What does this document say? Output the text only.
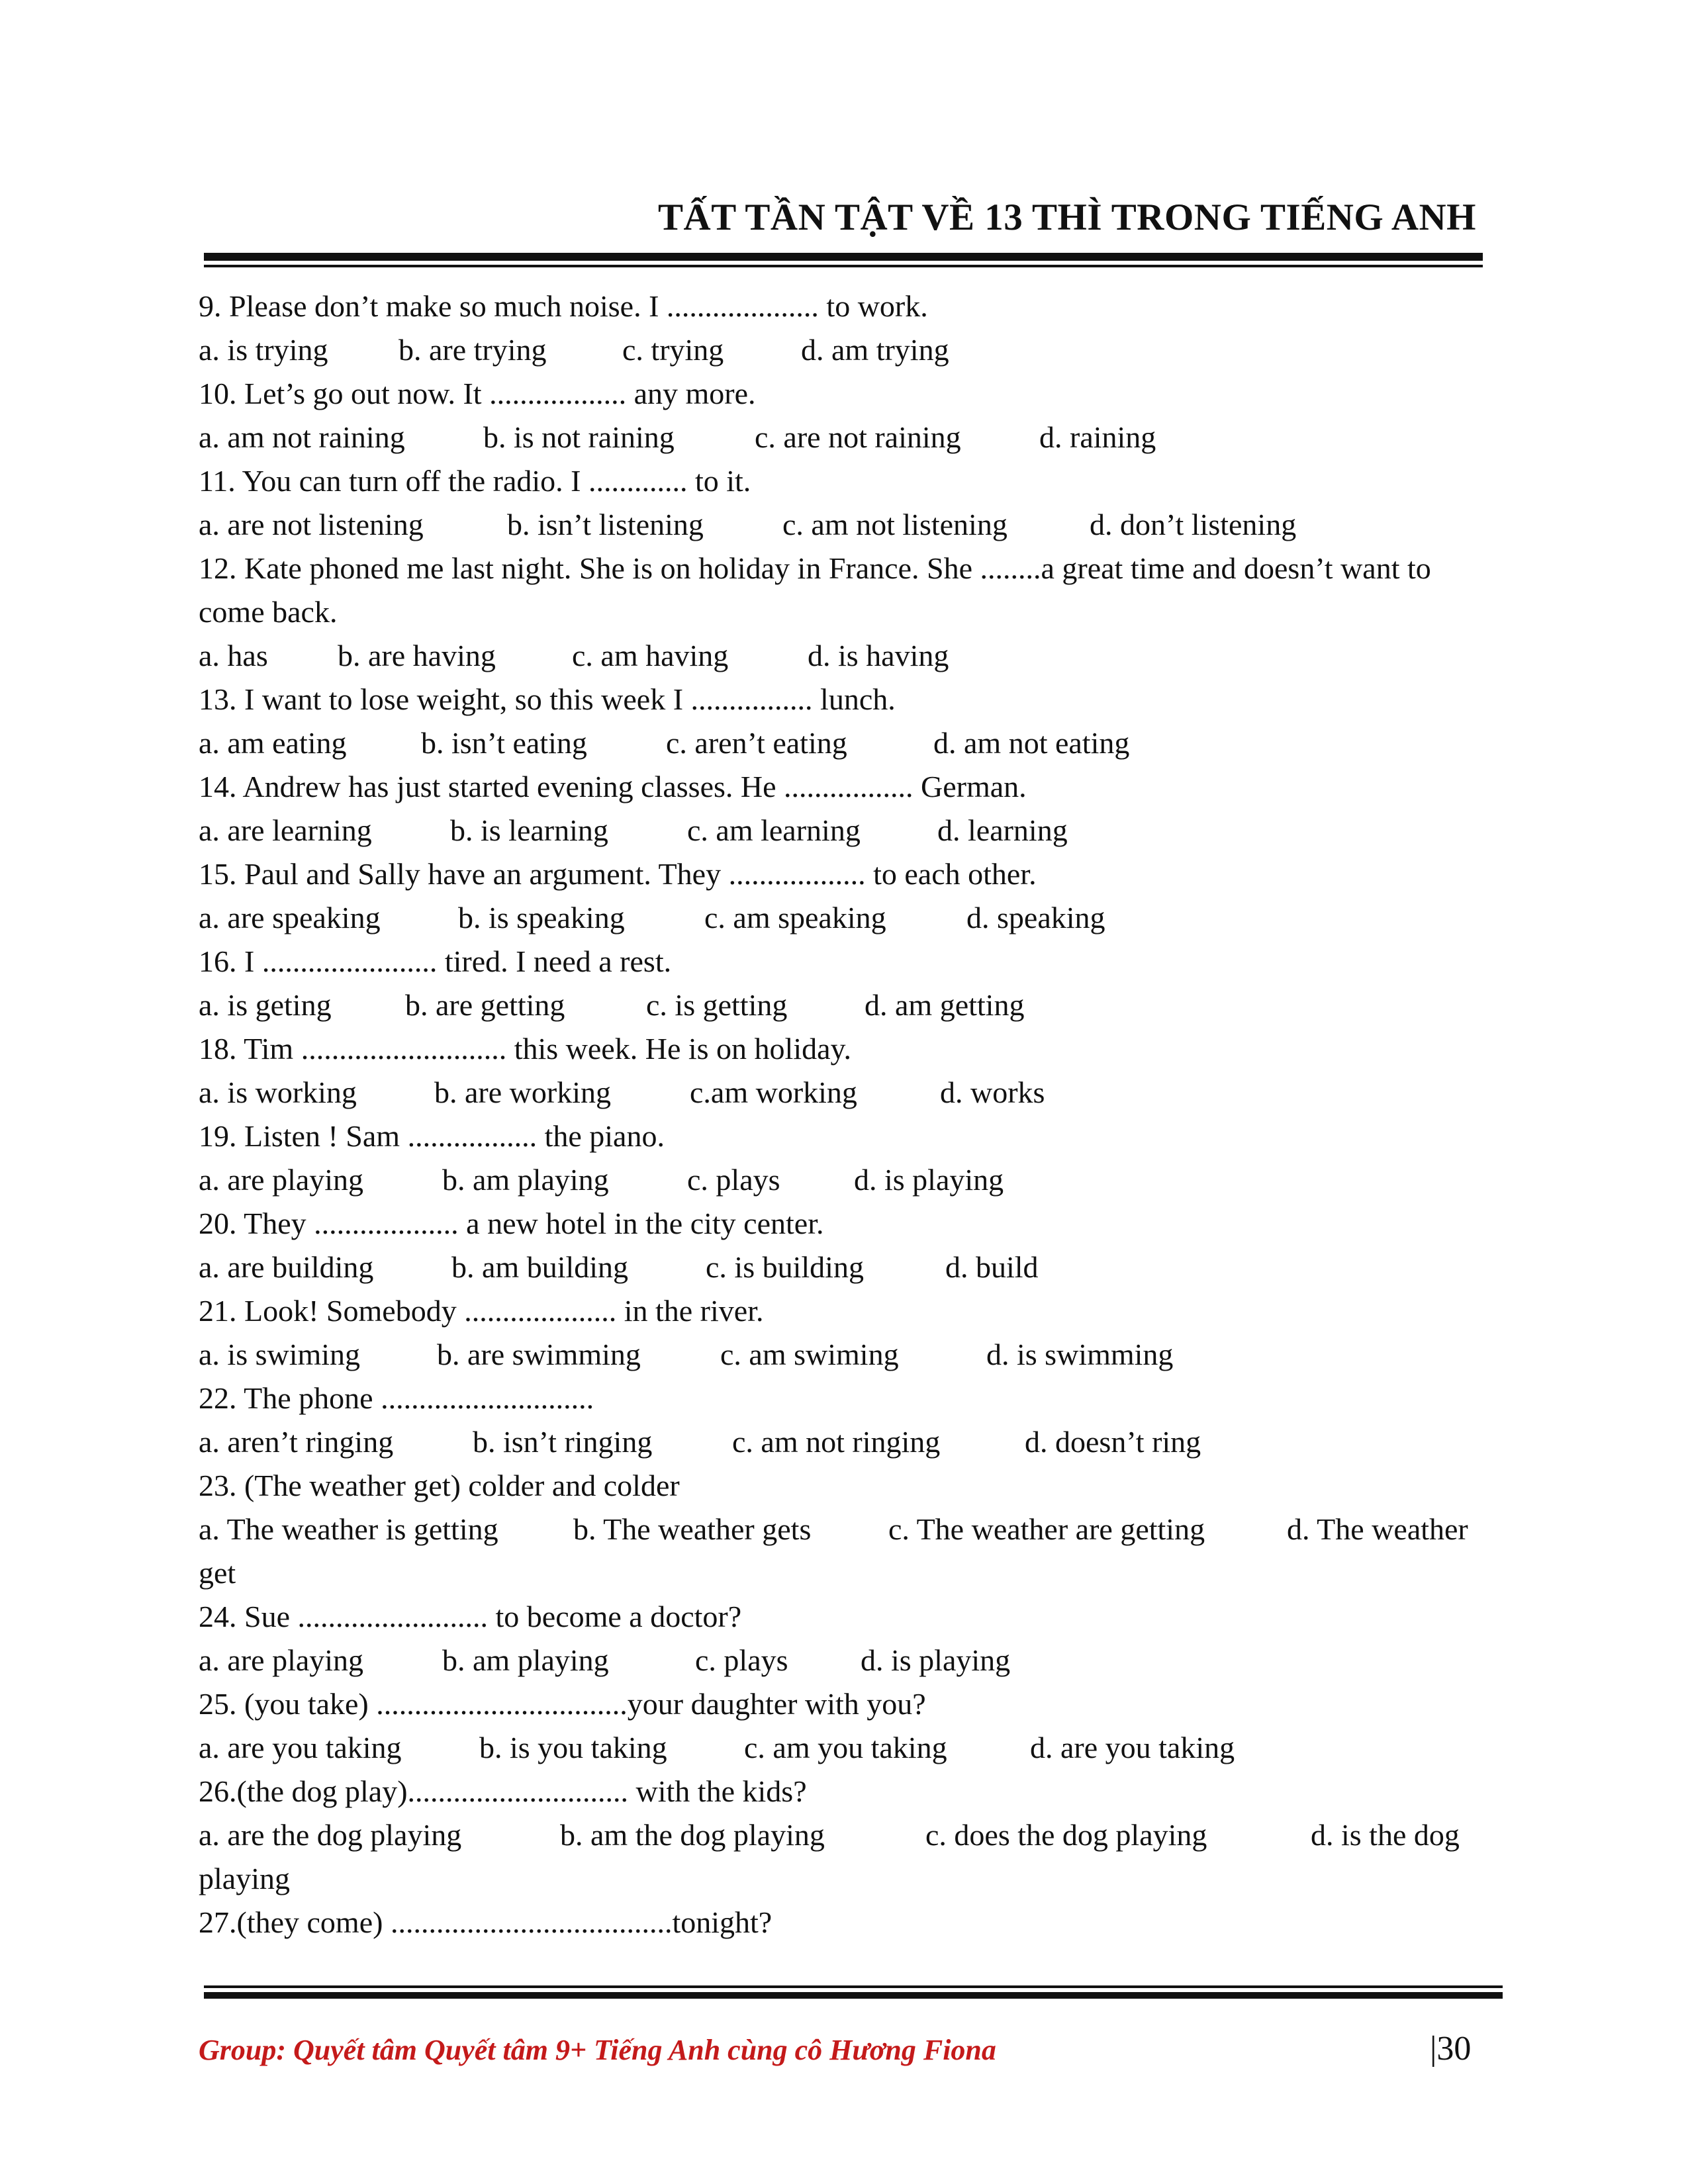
TẤT TẦN TẬT VỀ 13 THÌ TRONG TIẾNG ANH
9. Please don’t make so much noise. I .................... to work.
a. is trying b. are trying c. trying	d. am trying
10. Let’s go out now. It .................. any more.
a. am not raining	b. is not raining	c. are not raining	d. raining
11. You can turn off the radio. I ............. to it.
a. are not listening	b. isn’t listening	c. am not listening	d. don’t listening
12. Kate phoned me last night. She is on holiday in France. She ........a great time and doesn’t want to come back.
a. has b. are having	c. am having	d. is having
13. I want to lose weight, so this week I ................ lunch.
a. am eating b. isn’t eating	c. aren’t eating	d. am not eating
14. Andrew has just started evening classes. He ................. German.
a. are learning	b. is learning	c. am learning	d. learning
15. Paul and Sally have an argument. They .................. to each other.
a. are speaking	b. is speaking	c. am speaking	d. speaking
16. I ....................... tired. I need a rest.
a. is geting b. are getting	c. is getting	d. am getting
18. Tim ........................... this week. He is on holiday.
a. is working	b. are working	c.am working	d. works
19. Listen ! Sam ................. the piano.
a. are playing	b. am playing	c. plays d. is playing
20. They ................... a new hotel in the city center.
a. are building	b. am building	c. is building	d. build
21. Look! Somebody .................... in the river.
a. is swiming	b. are swimming	c. am swiming	d. is swimming
22. The phone ............................
a. aren’t ringing	b. isn’t ringing	c. am not ringing	d. doesn’t ring
23. (The weather get) colder and colder
a. The weather is getting b. The weather gets	c. The weather are getting	d. The weather
get
24. Sue ......................... to become a doctor?
a. are playing	b. am playing	c. plays d. is playing
25. (you take) .................................your daughter with you?
a. are you taking	b. is you taking	c. am you taking	d. are you taking
26.(the dog play)............................. with the kids?
a. are the dog playing	b. am the dog playing	c. does the dog playing	d. is the dog
playing
27.(they come) .....................................tonight?
Group: Quyết tâm Quyết tâm 9+ Tiếng Anh cùng cô Hương Fiona	|30
